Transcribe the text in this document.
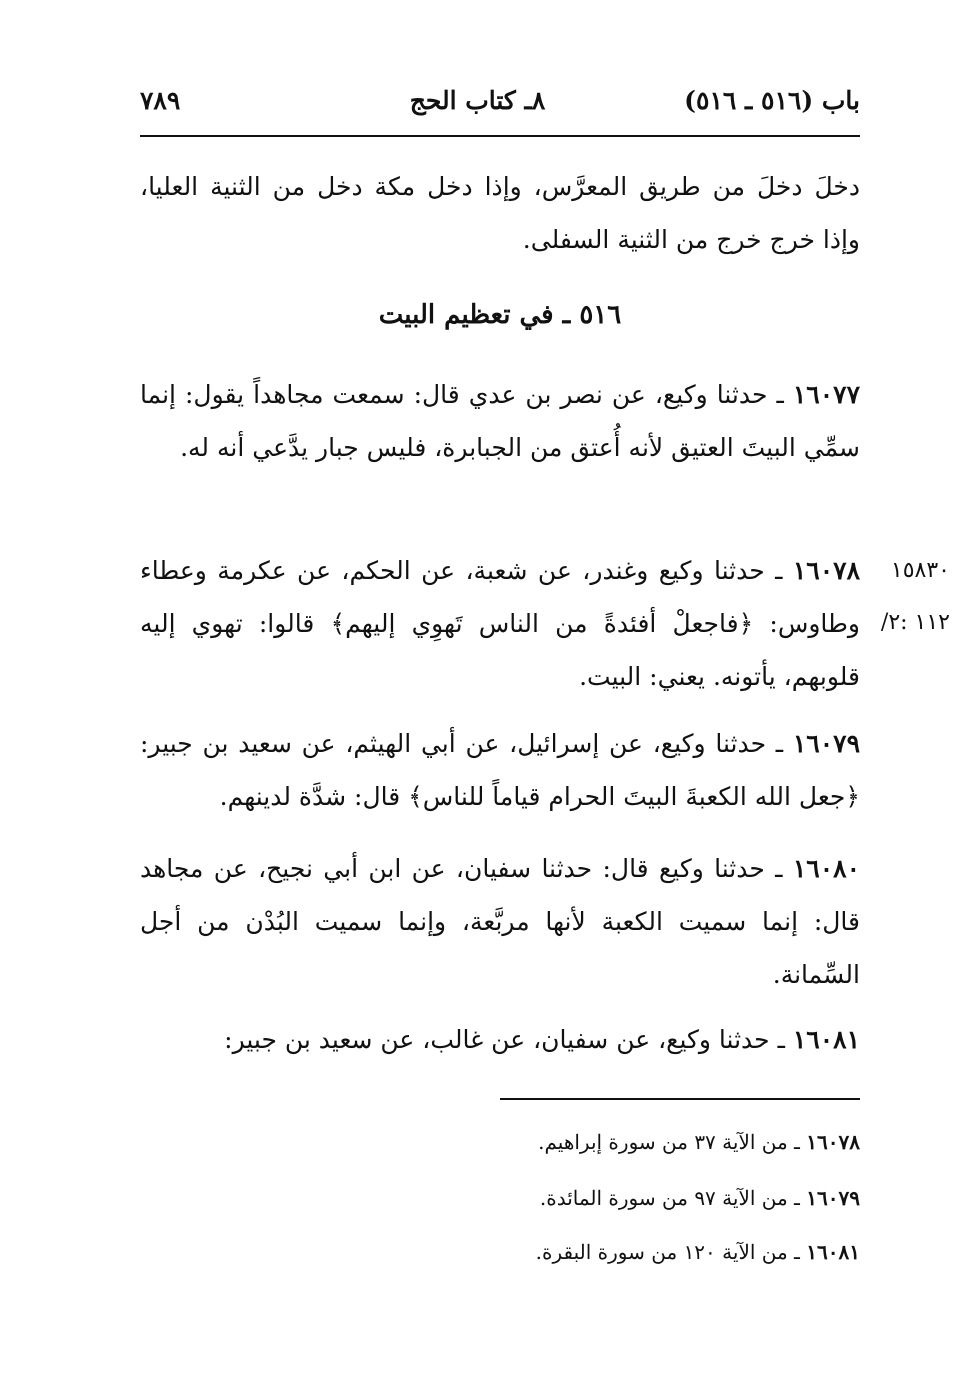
باب (٥١٦ ـ ٥١٦)
٨ـ كتاب الحج
٧٨٩

دخلَ دخلَ من طريق المعرَّس، وإذا دخل مكة دخل من الثنية العليا، وإذا خرج خرج من الثنية السفلى.

٥١٦ ـ في تعظيم البيت

١٦٠٧٧ ـ حدثنا وكيع، عن نصر بن عدي قال: سمعت مجاهداً يقول: إنما سمِّي البيتَ العتيق لأنه أُعتق من الجبابرة، فليس جبار يدَّعي أنه له.

١٦٠٧٨ ـ حدثنا وكيع وغندر، عن شعبة، عن الحكم، عن عكرمة وعطاء وطاوس: ﴿فاجعلْ أفئدةً من الناس تَهوِي إليهم﴾ قالوا: تهوي إليه قلوبهم، يأتونه. يعني: البيت.

١٥٨٣٠
١١٢ :٢/

١٦٠٧٩ ـ حدثنا وكيع، عن إسرائيل، عن أبي الهيثم، عن سعيد بن جبير: ﴿جعل الله الكعبةَ البيتَ الحرام قياماً للناس﴾ قال: شدَّة لدينهم.

١٦٠٨٠ ـ حدثنا وكيع قال: حدثنا سفيان، عن ابن أبي نجيح، عن مجاهد قال: إنما سميت الكعبة لأنها مربَّعة، وإنما سميت البُدْن من أجل السِّمانة.

١٦٠٨١ ـ حدثنا وكيع، عن سفيان، عن غالب، عن سعيد بن جبير:

١٦٠٧٨ ـ من الآية ٣٧ من سورة إبراهيم.
١٦٠٧٩ ـ من الآية ٩٧ من سورة المائدة.
١٦٠٨١ ـ من الآية ١٢٠ من سورة البقرة.
